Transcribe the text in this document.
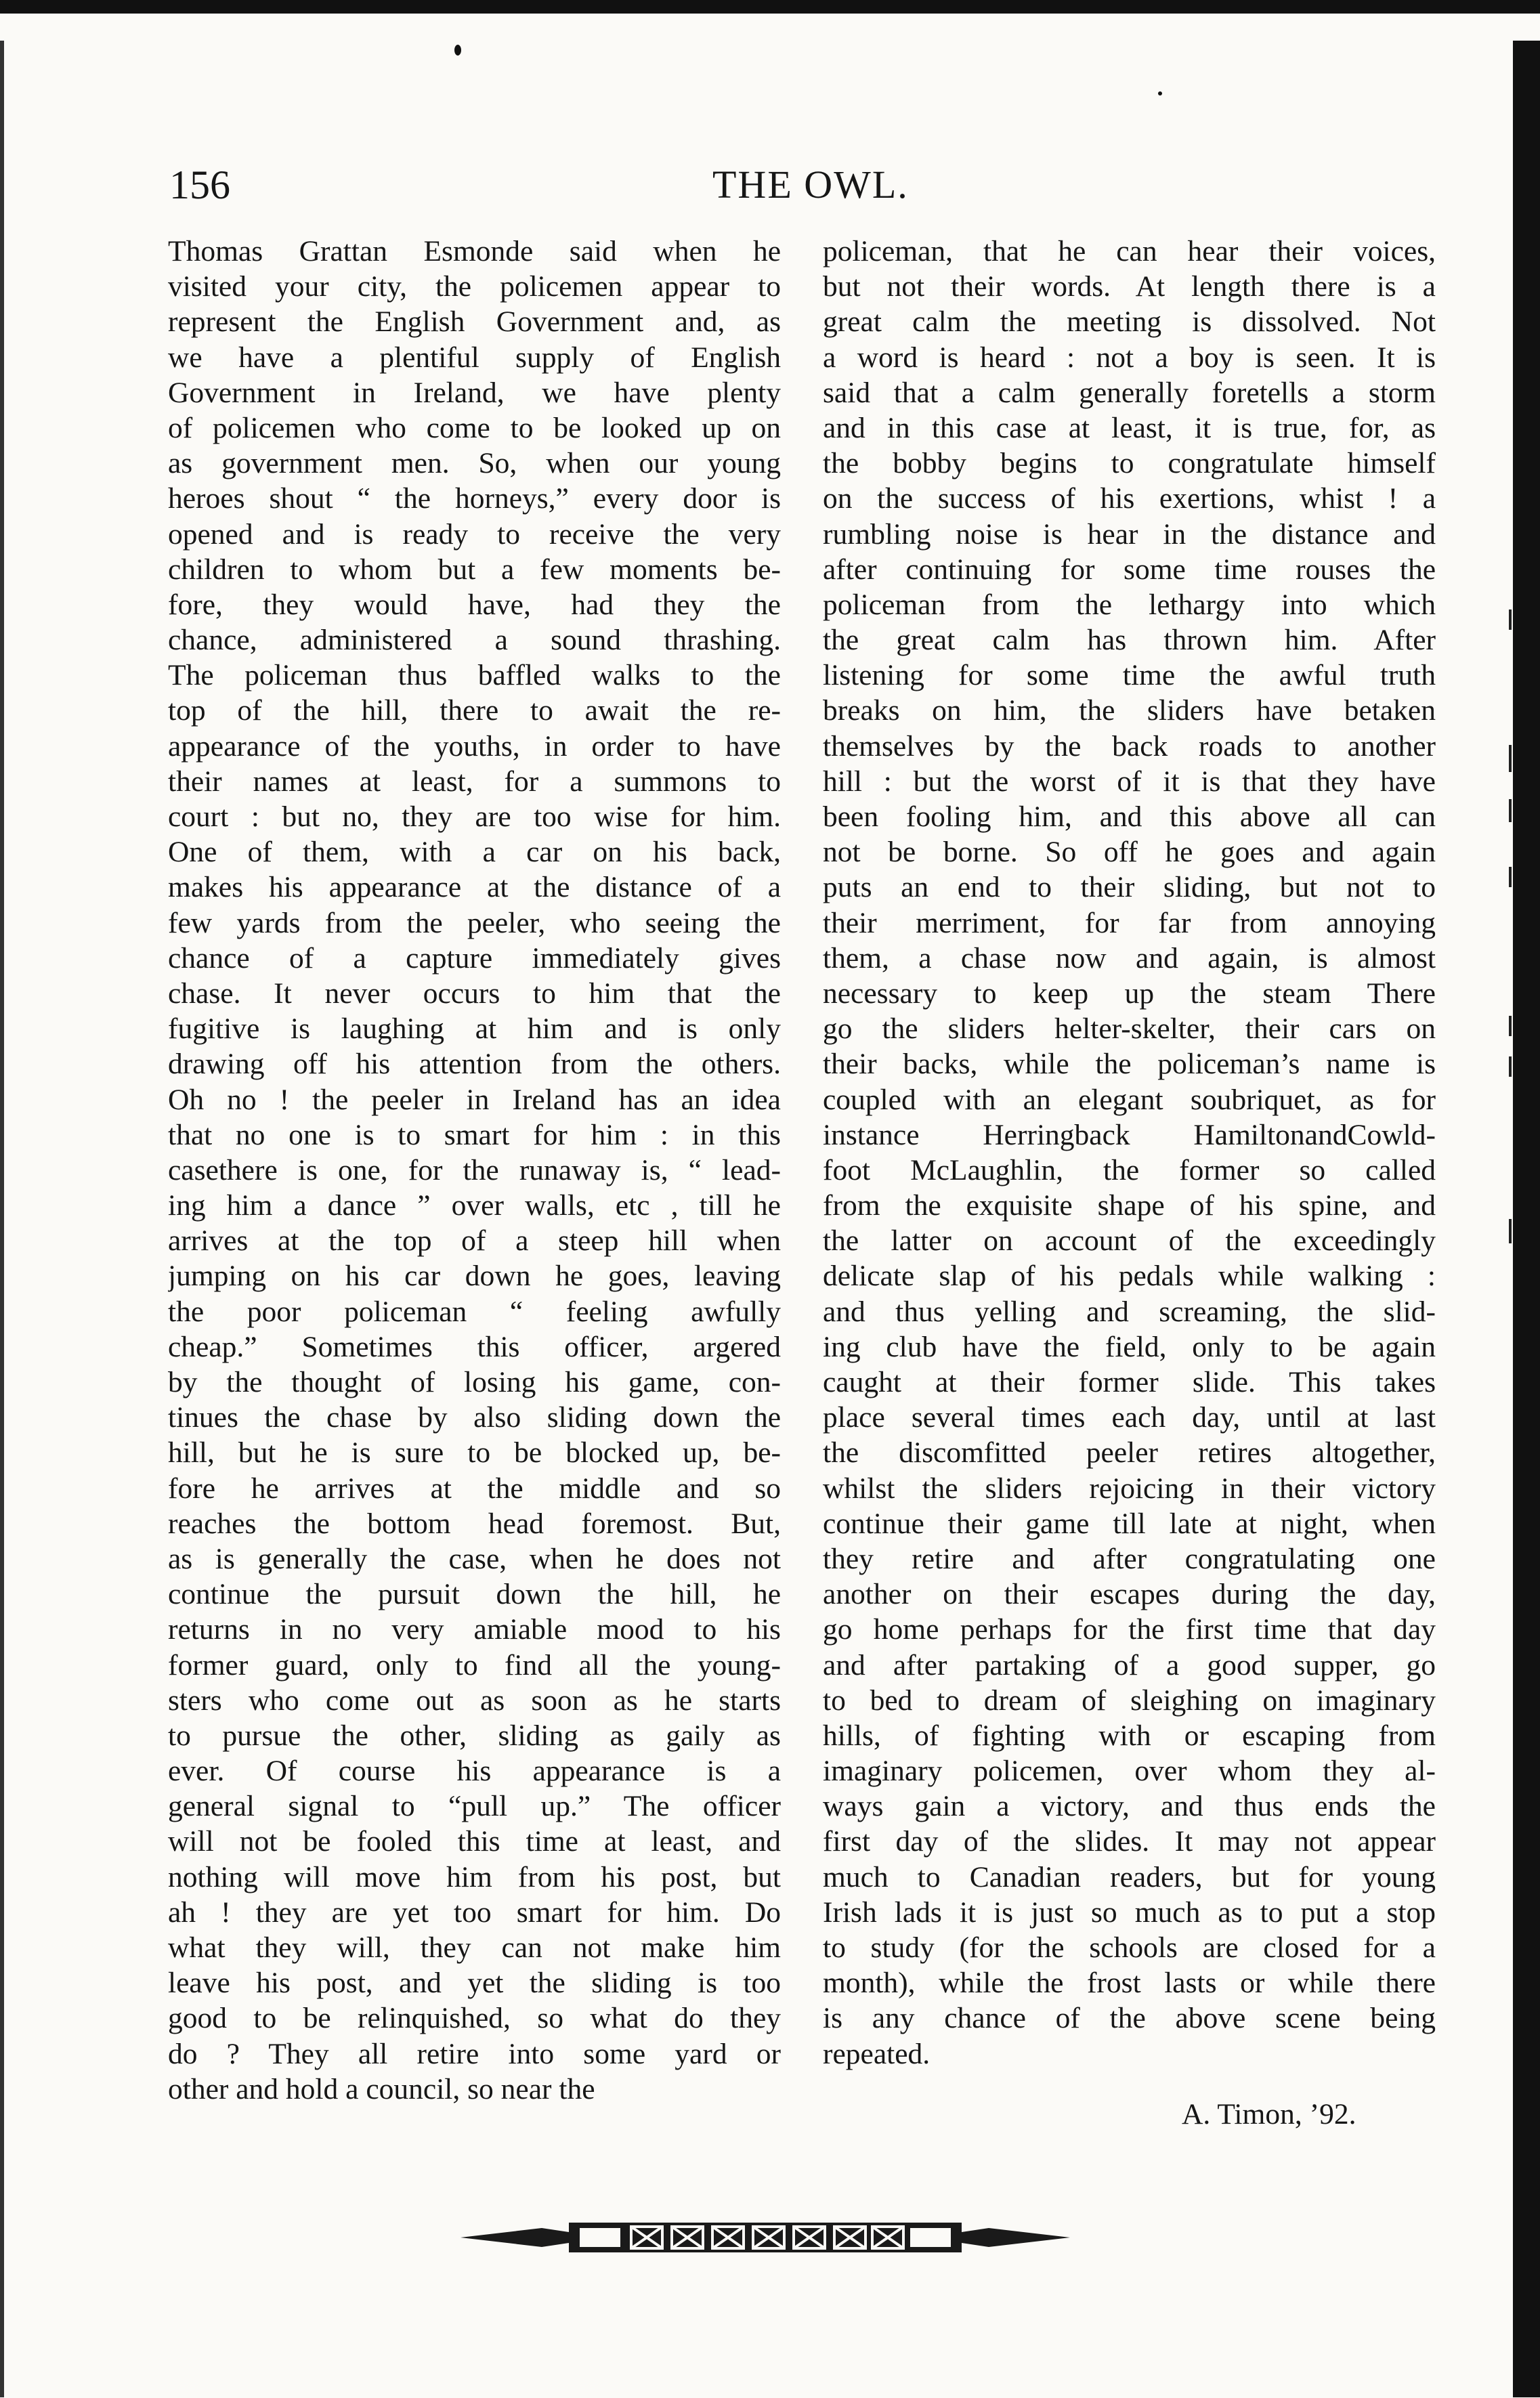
156	THE OWL.
Thomas Grattan Esmonde said when he
visited your city, the policemen appear to
represent the English Government and, as
we have a plentiful supply of English
Government in Ireland, we have plenty
of policemen who come to be looked up on
as government men. So, when our young
heroes shout “ the horneys,” every door is
opened and is ready to receive the very
children to whom but a few moments be-
fore, they would have, had they the
chance, administered a sound thrashing.
The policeman thus baffled walks to the
top of the hill, there to await the re-
appearance of the youths, in order to have
their names at least, for a summons to
court : but no, they are too wise for him.
One of them, with a car on his back,
makes his appearance at the distance of a
few yards from the peeler, who seeing the
chance of a capture immediately gives
chase. It never occurs to him that the
fugitive is laughing at him and is only
drawing off his attention from the others.
Oh no ! the peeler in Ireland has an idea
that no one is to smart for him : in this
casethere is one, for the runaway is, “ lead-
ing him a dance ” over walls, etc , till he
arrives at the top of a steep hill when
jumping on his car down he goes, leaving
the poor policeman “ feeling awfully
cheap.” Sometimes this officer, argered
by the thought of losing his game, con-
tinues the chase by also sliding down the
hill, but he is sure to be blocked up, be-
fore he arrives at the middle and so
reaches the bottom head foremost. But,
as is generally the case, when he does not
continue the pursuit down the hill, he
returns in no very amiable mood to his
former guard, only to find all the young-
sters who come out as soon as he starts
to pursue the other, sliding as gaily as
ever. Of course his appearance is a
general signal to “pull up.” The officer
will not be fooled this time at least, and
nothing will move him from his post, but
ah ! they are yet too smart for him. Do
what they will, they can not make him
leave his post, and yet the sliding is too
good to be relinquished, so what do they
do ? They all retire into some yard or
other and hold a council, so near the
policeman, that he can hear their voices,
but not their words. At length there is a
great calm the meeting is dissolved. Not
a word is heard : not a boy is seen. It is
said that a calm generally foretells a storm
and in this case at least, it is true, for, as
the bobby begins to congratulate himself
on the success of his exertions, whist ! a
rumbling noise is hear in the distance and
after continuing for some time rouses the
policeman from the lethargy into which
the great calm has thrown him. After
listening for some time the awful truth
breaks on him, the sliders have betaken
themselves by the back roads to another
hill : but the worst of it is that they have
been fooling him, and this above all can
not be borne. So off he goes and again
puts an end to their sliding, but not to
their merriment, for far from annoying
them, a chase now and again, is almost
necessary to keep up the steam There
go the sliders helter-skelter, their cars on
their backs, while the policeman’s name is
coupled with an elegant soubriquet, as for
instance Herringback HamiltonandCowld-
foot McLaughlin, the former so called
from the exquisite shape of his spine, and
the latter on account of the exceedingly
delicate slap of his pedals while walking :
and thus yelling and screaming, the slid-
ing club have the field, only to be again
caught at their former slide. This takes
place several times each day, until at last
the discomfitted peeler retires altogether,
whilst the sliders rejoicing in their victory
continue their game till late at night, when
they retire and after congratulating one
another on their escapes during the day,
go home perhaps for the first time that day
and after partaking of a good supper, go
to bed to dream of sleighing on imaginary
hills, of fighting with or escaping from
imaginary policemen, over whom they al-
ways gain a victory, and thus ends the
first day of the slides. It may not appear
much to Canadian readers, but for young
Irish lads it is just so much as to put a stop
to study (for the schools are closed for a
month), while the frost lasts or while there
is any chance of the above scene being
repeated.
A. Timon, ’92.
